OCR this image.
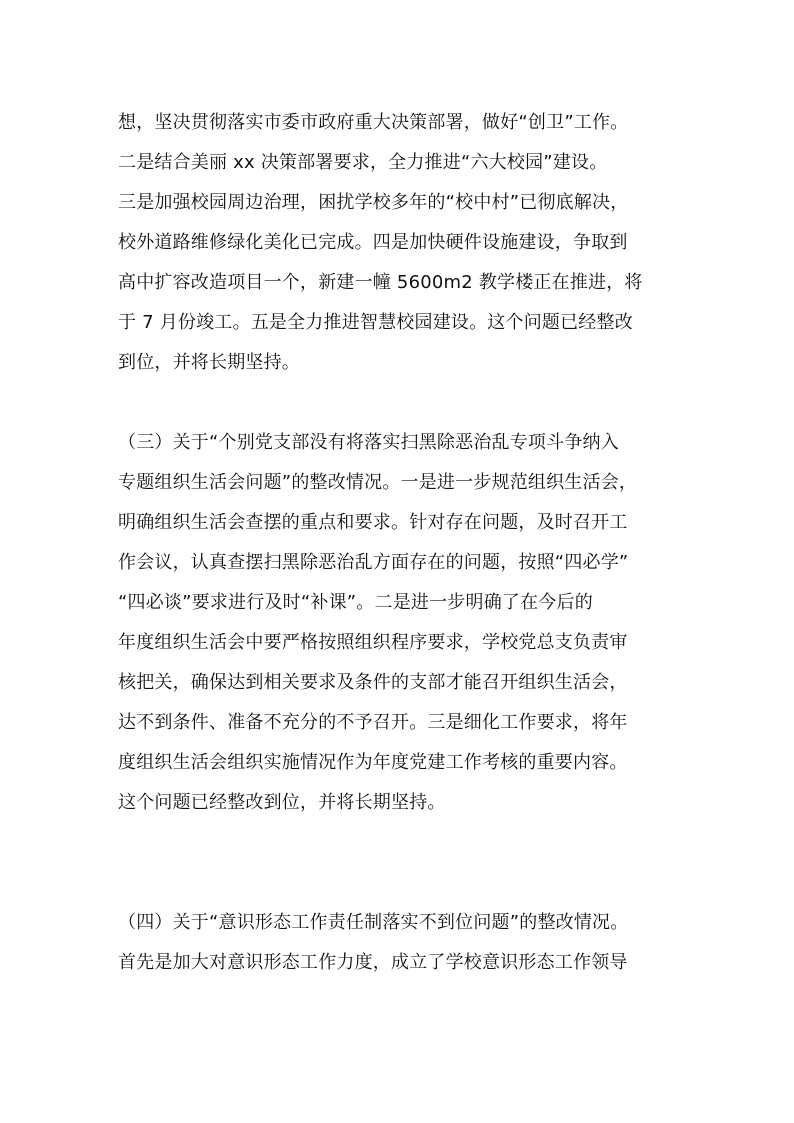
想，坚决贯彻落实市委市政府重大决策部署，做好“创卫”工作。
二是结合美丽 xx 决策部署要求，全力推进“六大校园”建设。
三是加强校园周边治理，困扰学校多年的“校中村”已彻底解决，
校外道路维修绿化美化已完成。四是加快硬件设施建设，争取到
高中扩容改造项目一个，新建一幢 5600m2 教学楼正在推进，将
于 7 月份竣工。五是全力推进智慧校园建设。这个问题已经整改
到位，并将长期坚持。
（三）关于“个别党支部没有将落实扫黑除恶治乱专项斗争纳入
专题组织生活会问题”的整改情况。一是进一步规范组织生活会，
明确组织生活会查摆的重点和要求。针对存在问题，及时召开工
作会议，认真查摆扫黑除恶治乱方面存在的问题，按照“四必学”
“四必谈”要求进行及时“补课”。二是进一步明确了在今后的
年度组织生活会中要严格按照组织程序要求，学校党总支负责审
核把关，确保达到相关要求及条件的支部才能召开组织生活会，
达不到条件、准备不充分的不予召开。三是细化工作要求，将年
度组织生活会组织实施情况作为年度党建工作考核的重要内容。
这个问题已经整改到位，并将长期坚持。
（四）关于“意识形态工作责任制落实不到位问题”的整改情况。
首先是加大对意识形态工作力度，成立了学校意识形态工作领导
